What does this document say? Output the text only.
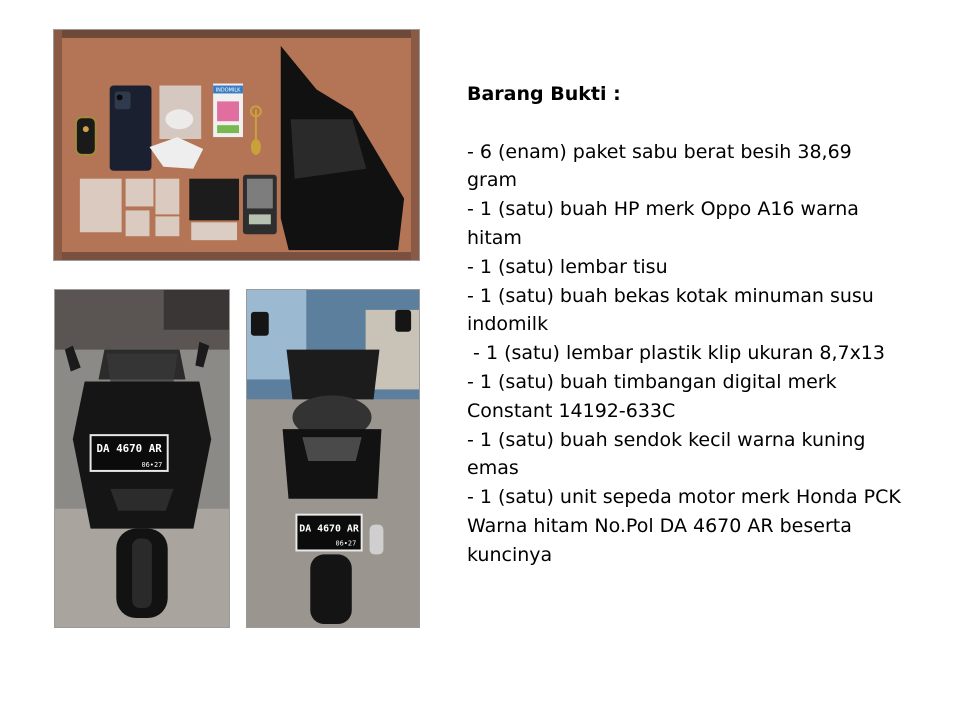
INDOMILK
DA 4670 AR
06•27
DA 4670 AR
06•27

Barang Bukti :

- 6 (enam) paket sabu berat besih 38,69 gram

- 1 (satu) buah HP merk Oppo A16 warna hitam

- 1 (satu) lembar tisu

- 1 (satu) buah bekas kotak minuman susu indomilk

- 1 (satu) lembar plastik klip ukuran 8,7x13

- 1 (satu) buah timbangan digital merk Constant 14192-633C

- 1 (satu) buah sendok kecil warna kuning emas

- 1 (satu) unit sepeda motor merk Honda PCK Warna hitam No.Pol DA 4670 AR beserta kuncinya
